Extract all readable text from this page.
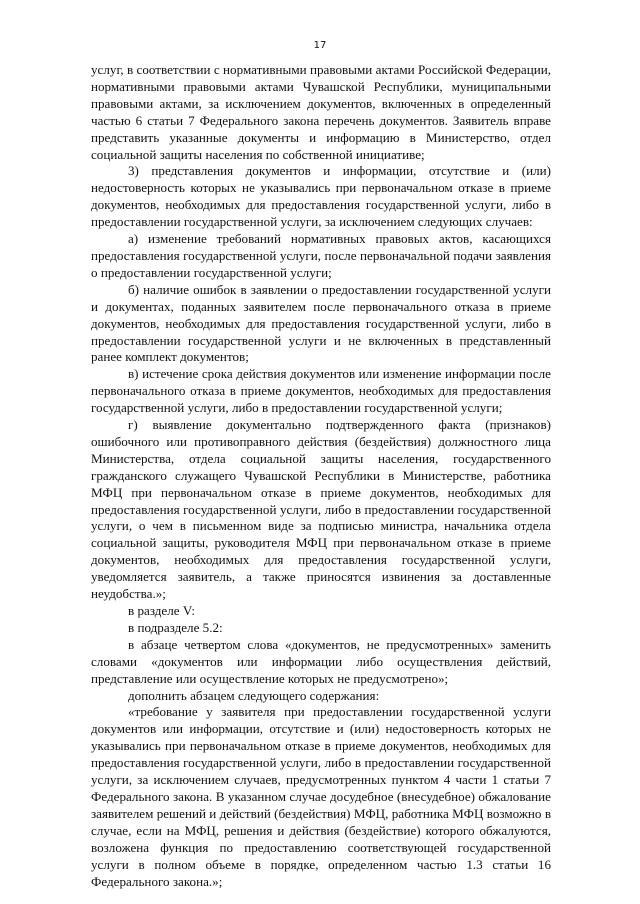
17

услуг, в соответствии с нормативными правовыми актами Российской Федерации, нормативными правовыми актами Чувашской Республики, муниципальными правовыми актами, за исключением документов, включенных в определенный частью 6 статьи 7 Федерального закона перечень документов. Заявитель вправе представить указанные документы и информацию в Министерство, отдел социальной защиты населения по собственной инициативе;

3) представления документов и информации, отсутствие и (или) недостоверность которых не указывались при первоначальном отказе в приеме документов, необходимых для предоставления государственной услуги, либо в предоставлении государственной услуги, за исключением следующих случаев:

а) изменение требований нормативных правовых актов, касающихся предоставления государственной услуги, после первоначальной подачи заявления о предоставлении государственной услуги;

б) наличие ошибок в заявлении о предоставлении государственной услуги и документах, поданных заявителем после первоначального отказа в приеме документов, необходимых для предоставления государственной услуги, либо в предоставлении государственной услуги и не включенных в представленный ранее комплект документов;

в) истечение срока действия документов или изменение информации после первоначального отказа в приеме документов, необходимых для предоставления государственной услуги, либо в предоставлении государственной услуги;

г) выявление документально подтвержденного факта (признаков) ошибочного или противоправного действия (бездействия) должностного лица Министерства, отдела социальной защиты населения, государственного гражданского служащего Чувашской Республики в Министерстве, работника МФЦ при первоначальном отказе в приеме документов, необходимых для предоставления государственной услуги, либо в предоставлении государственной услуги, о чем в письменном виде за подписью министра, начальника отдела социальной защиты, руководителя МФЦ при первоначальном отказе в приеме документов, необходимых для предоставления государственной услуги, уведомляется заявитель, а также приносятся извинения за доставленные неудобства.»;

в разделе V:

в подразделе 5.2:

в абзаце четвертом слова «документов, не предусмотренных» заменить словами «документов или информации либо осуществления действий, представление или осуществление которых не предусмотрено»;

дополнить абзацем следующего содержания:

«требование у заявителя при предоставлении государственной услуги документов или информации, отсутствие и (или) недостоверность которых не указывались при первоначальном отказе в приеме документов, необходимых для предоставления государственной услуги, либо в предоставлении государственной услуги, за исключением случаев, предусмотренных пунктом 4 части 1 статьи 7 Федерального закона. В указанном случае досудебное (внесудебное) обжалование заявителем решений и действий (бездействия) МФЦ, работника МФЦ возможно в случае, если на МФЦ, решения и действия (бездействие) которого обжалуются, возложена функция по предоставлению соответствующей государственной услуги в полном объеме в порядке, определенном частью 1.3 статьи 16 Федерального закона.»;
